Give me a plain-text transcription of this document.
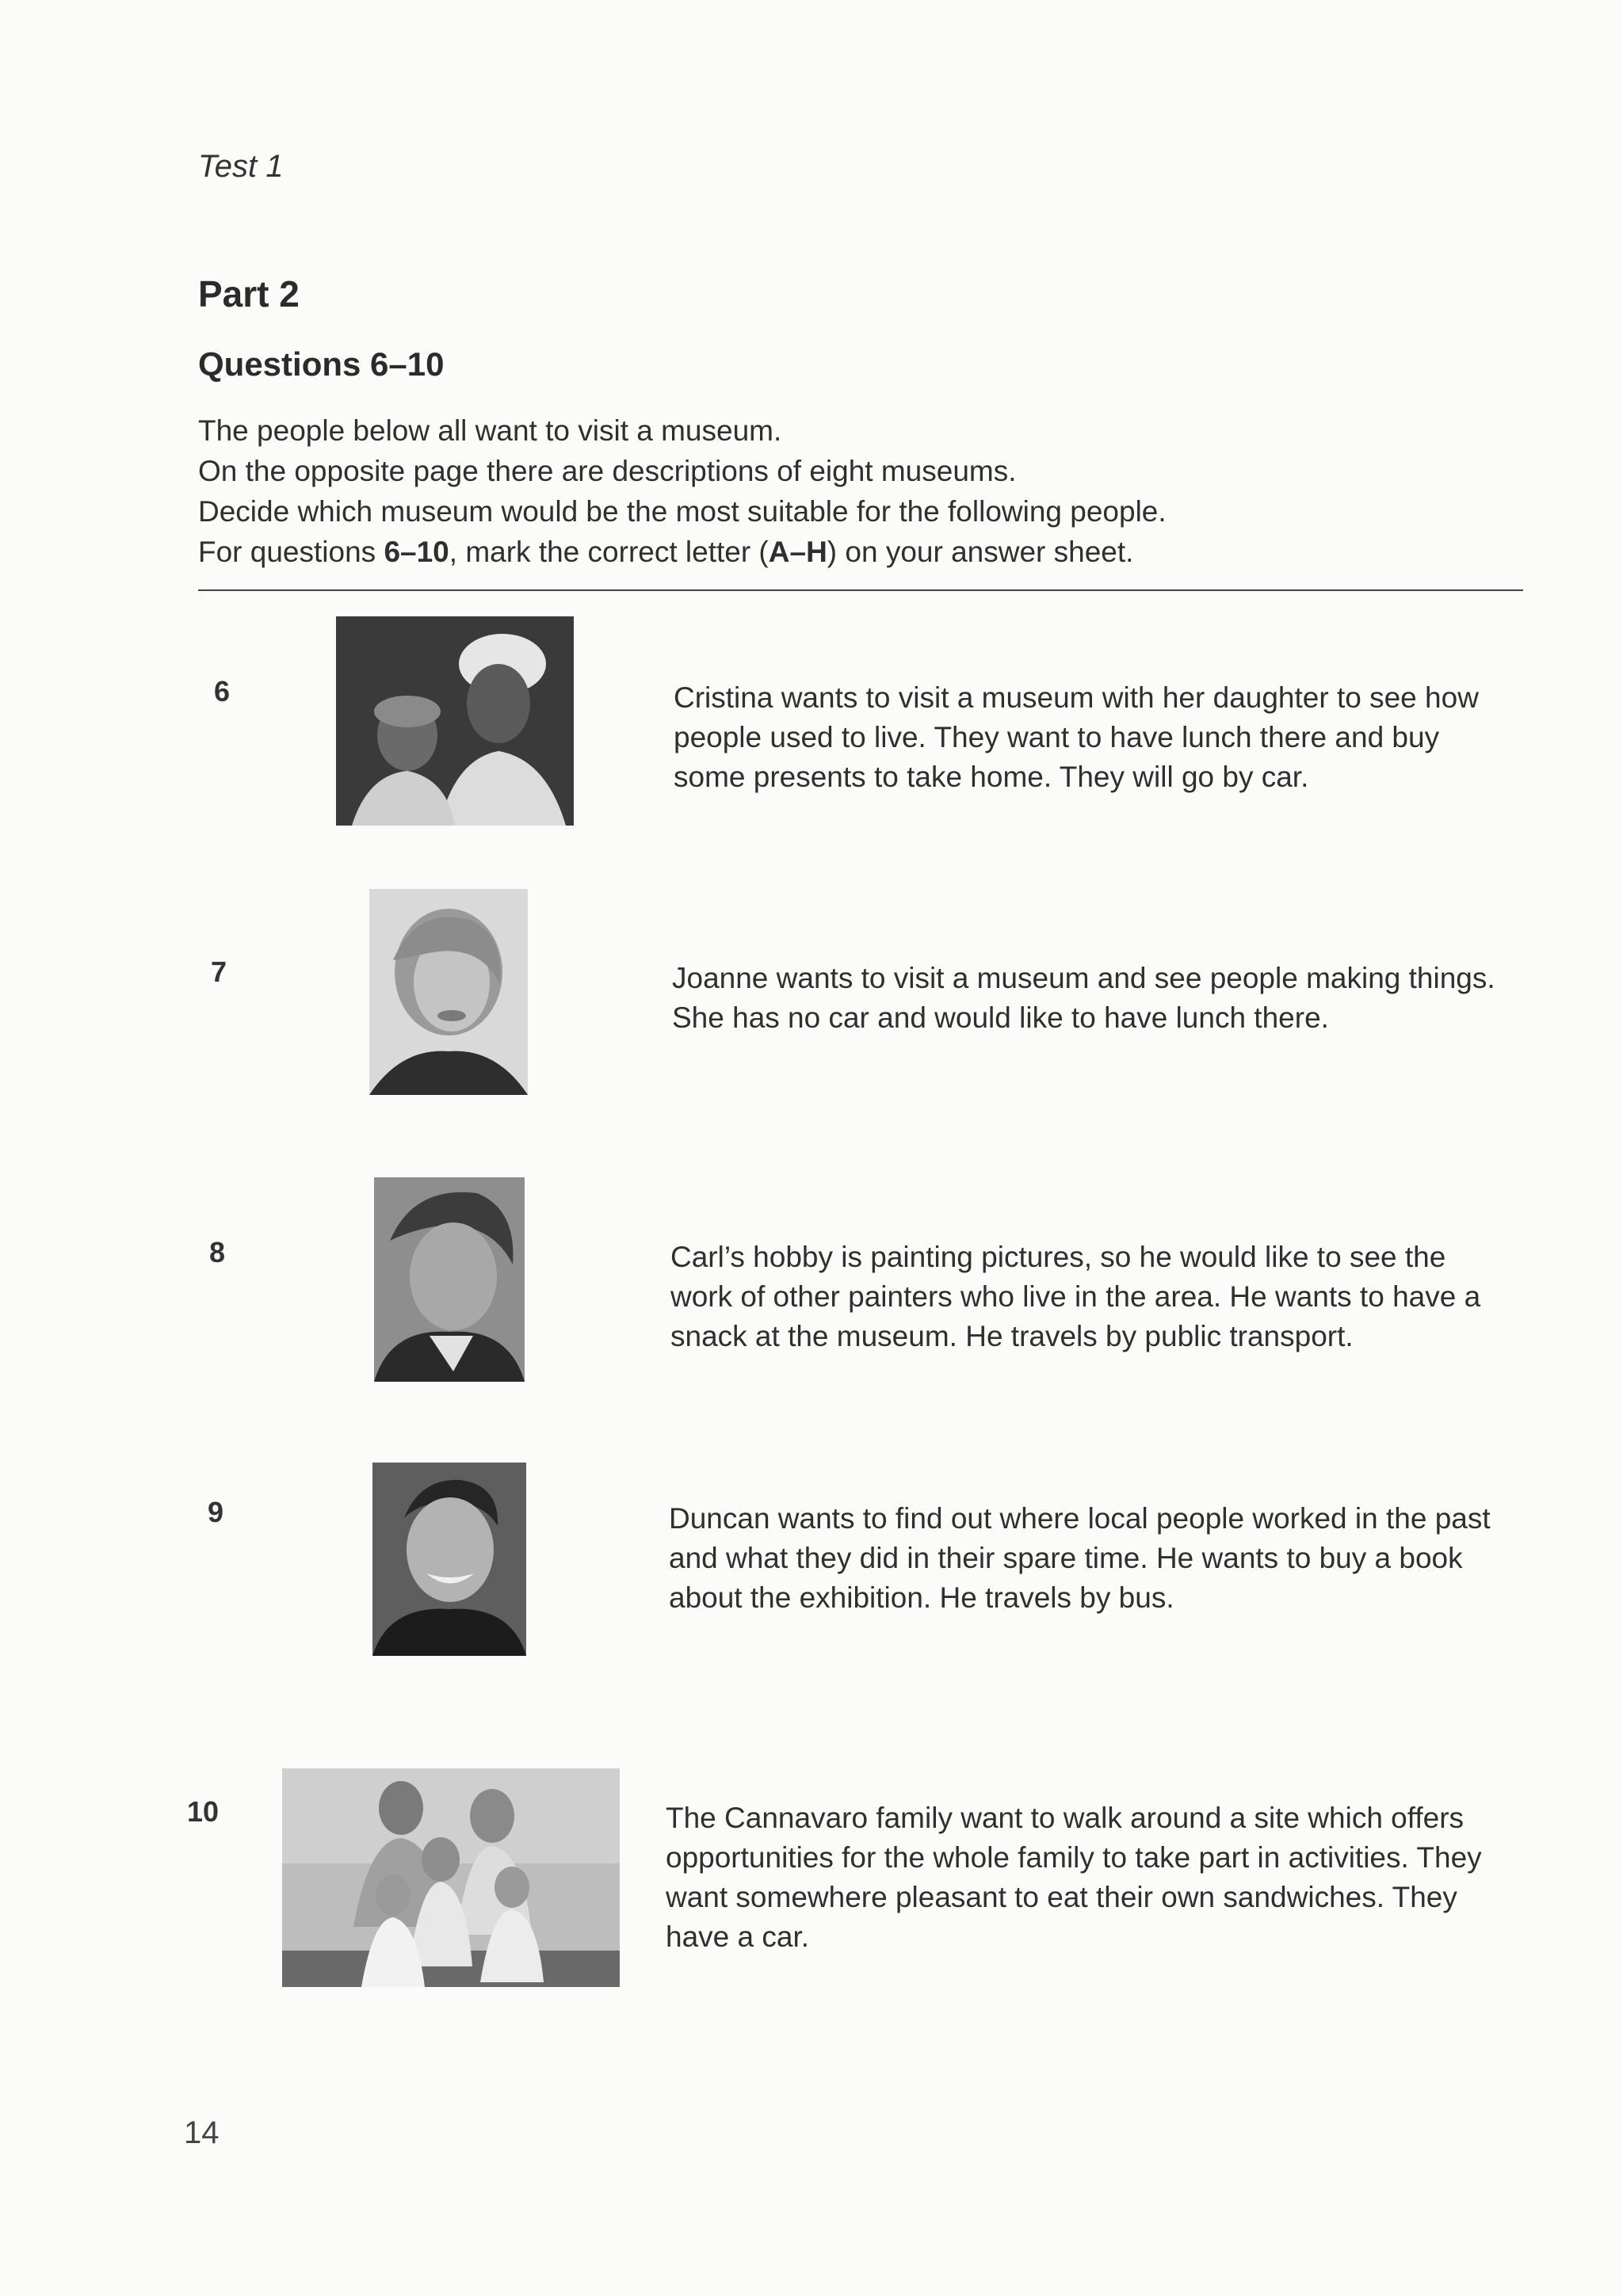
Test 1
Part 2
Questions 6–10
The people below all want to visit a museum.
On the opposite page there are descriptions of eight museums.
Decide which museum would be the most suitable for the following people.
For questions 6–10, mark the correct letter (A–H) on your answer sheet.
6	Cristina wants to visit a museum with her daughter to see how people used to live. They want to have lunch there and buy some presents to take home. They will go by car.
7	Joanne wants to visit a museum and see people making things. She has no car and would like to have lunch there.
8	Carl’s hobby is painting pictures, so he would like to see the work of other painters who live in the area. He wants to have a snack at the museum. He travels by public transport.
9	Duncan wants to find out where local people worked in the past and what they did in their spare time. He wants to buy a book about the exhibition. He travels by bus.
10	The Cannavaro family want to walk around a site which offers opportunities for the whole family to take part in activities. They want somewhere pleasant to eat their own sandwiches. They have a car.
14
